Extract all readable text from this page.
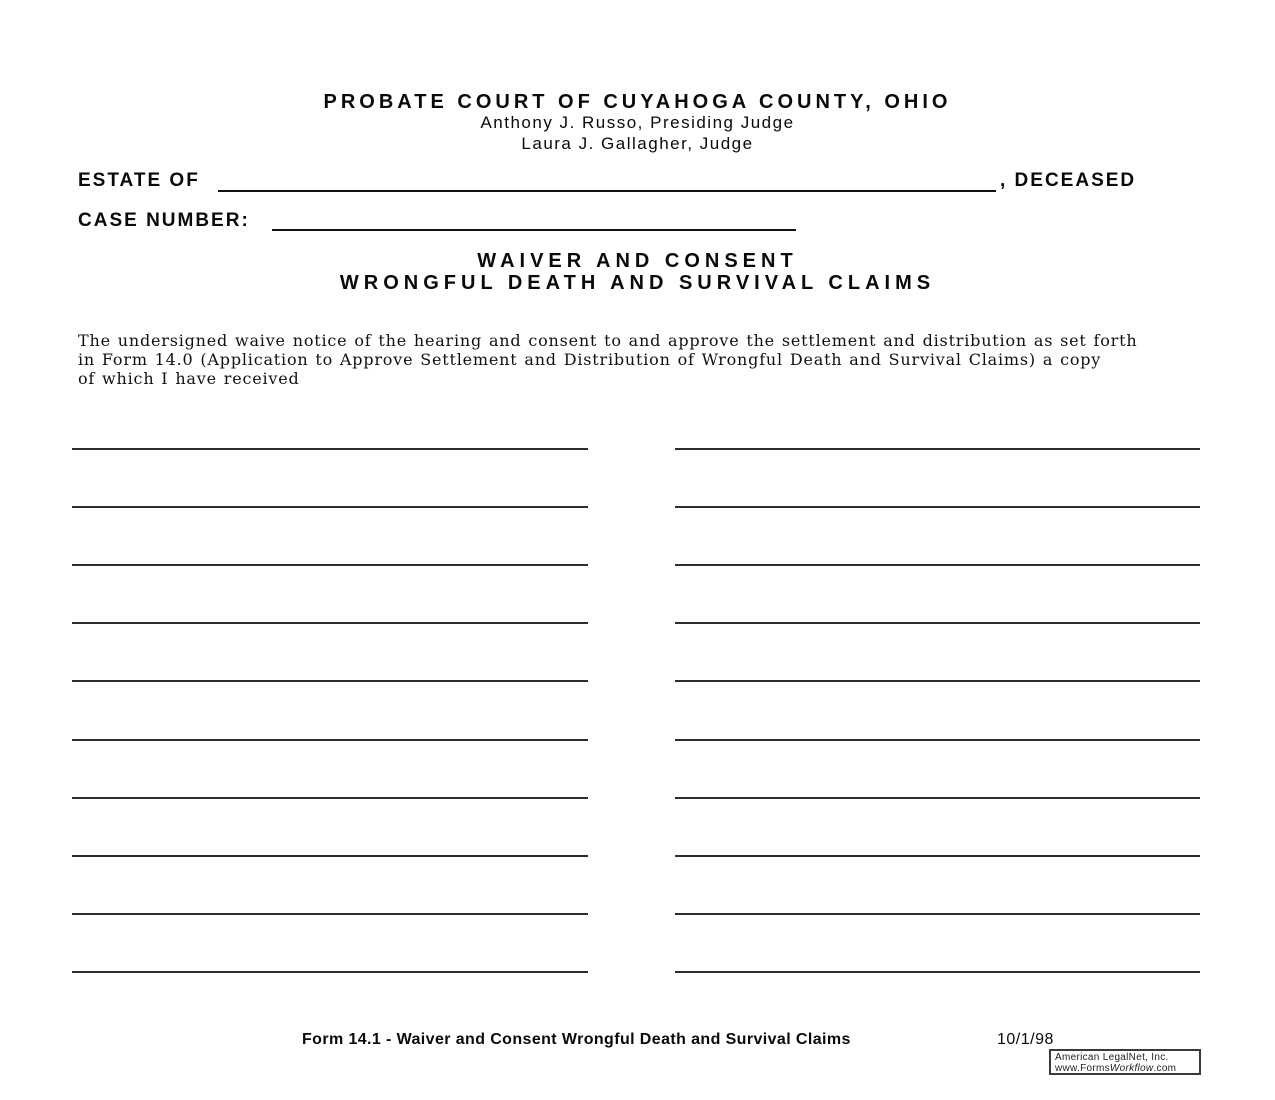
PROBATE COURT OF CUYAHOGA COUNTY, OHIO
Anthony J. Russo, Presiding Judge
Laura J. Gallagher, Judge
ESTATE OF	, DECEASED
CASE NUMBER:
WAIVER AND CONSENT
WRONGFUL DEATH AND SURVIVAL CLAIMS
The undersigned waive notice of the hearing and consent to and approve the settlement and distribution as set forth
in Form 14.0 (Application to Approve Settlement and Distribution of Wrongful Death and Survival Claims) a copy
of which I have received
Form 14.1 - Waiver and Consent Wrongful Death and Survival Claims	10/1/98
American LegalNet, Inc.
www.FormsWorkflow.com
